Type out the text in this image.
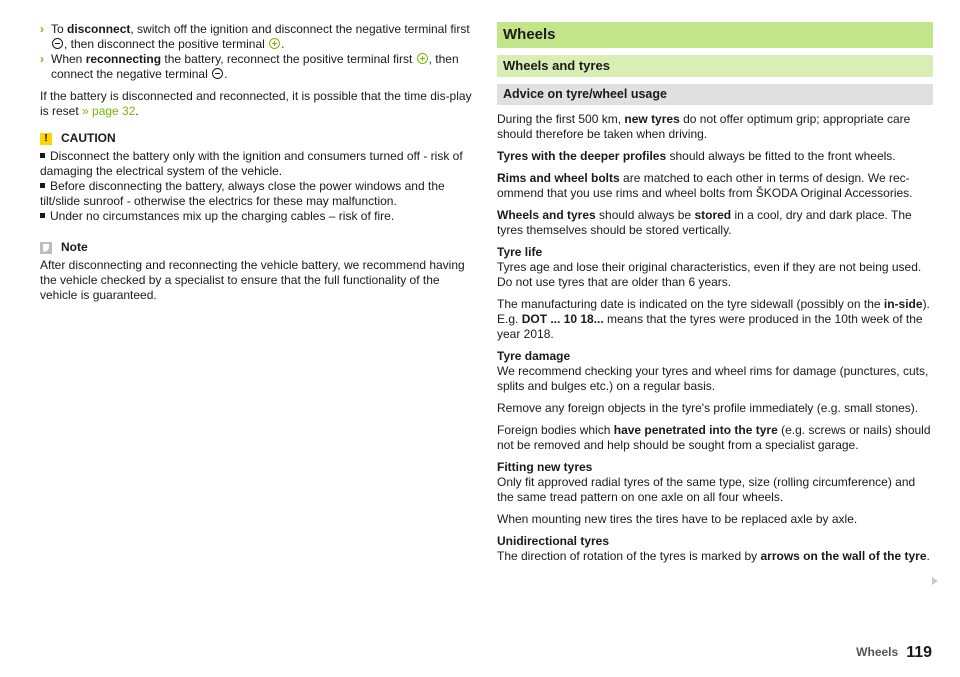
› To disconnect, switch off the ignition and disconnect the negative terminal first , then disconnect the positive terminal .

› When reconnecting the battery, reconnect the positive terminal first , then connect the negative terminal .

If the battery is disconnected and reconnected, it is possible that the time dis-play is reset » page 32.

!	CAUTION

Disconnect the battery only with the ignition and consumers turned off - risk of damaging the electrical system of the vehicle.

Before disconnecting the battery, always close the power windows and the tilt/slide sunroof - otherwise the electrics for these may malfunction.

Under no circumstances mix up the charging cables – risk of fire.

Note

After disconnecting and reconnecting the vehicle battery, we recommend having the vehicle checked by a specialist to ensure that the full functionality of the vehicle is guaranteed.

Wheels
Wheels and tyres
Advice on tyre/wheel usage

During the first 500 km, new tyres do not offer optimum grip; appropriate care should therefore be taken when driving.

Tyres with the deeper profiles should always be fitted to the front wheels.

Rims and wheel bolts are matched to each other in terms of design. We rec-ommend that you use rims and wheel bolts from ŠKODA Original Accessories.

Wheels and tyres should always be stored in a cool, dry and dark place. The tyres themselves should be stored vertically.

Tyre life
Tyres age and lose their original characteristics, even if they are not being used. Do not use tyres that are older than 6 years.

The manufacturing date is indicated on the tyre sidewall (possibly on the in-side). E.g. DOT ... 10 18... means that the tyres were produced in the 10th week of the year 2018.

Tyre damage
We recommend checking your tyres and wheel rims for damage (punctures, cuts, splits and bulges etc.) on a regular basis.

Remove any foreign objects in the tyre's profile immediately (e.g. small stones).

Foreign bodies which have penetrated into the tyre (e.g. screws or nails) should not be removed and help should be sought from a specialist garage.

Fitting new tyres
Only fit approved radial tyres of the same type, size (rolling circumference) and the same tread pattern on one axle on all four wheels.

When mounting new tires the tires have to be replaced axle by axle.

Unidirectional tyres
The direction of rotation of the tyres is marked by arrows on the wall of the tyre.

Wheels 119
